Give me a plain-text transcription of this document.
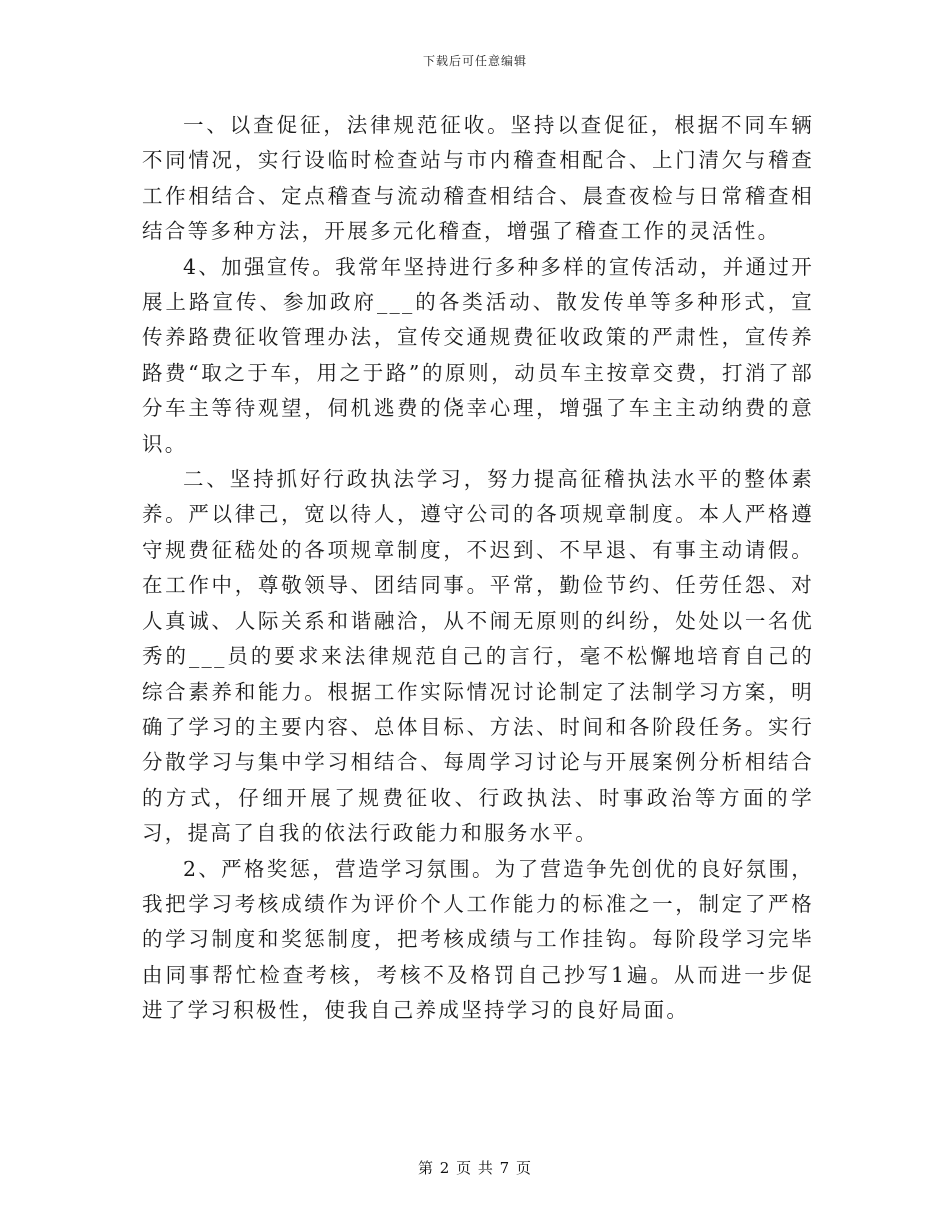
下载后可任意编辑

一、以查促征，法律规范征收。坚持以查促征，根据不同车辆不同情况，实行设临时检查站与市内稽查相配合、上门清欠与稽查工作相结合、定点稽查与流动稽查相结合、晨查夜检与日常稽查相结合等多种方法，开展多元化稽查，增强了稽查工作的灵活性。

4、加强宣传。我常年坚持进行多种多样的宣传活动，并通过开展上路宣传、参加政府___的各类活动、散发传单等多种形式，宣传养路费征收管理办法，宣传交通规费征收政策的严肃性，宣传养路费“取之于车，用之于路”的原则，动员车主按章交费，打消了部分车主等待观望，伺机逃费的侥幸心理，增强了车主主动纳费的意识。

二、坚持抓好行政执法学习，努力提高征稽执法水平的整体素养。严以律己，宽以待人，遵守公司的各项规章制度。本人严格遵守规费征嵇处的各项规章制度，不迟到、不早退、有事主动请假。在工作中，尊敬领导、团结同事。平常，勤俭节约、任劳任怨、对人真诚、人际关系和谐融洽，从不闹无原则的纠纷，处处以一名优秀的___员的要求来法律规范自己的言行，毫不松懈地培育自己的综合素养和能力。根据工作实际情况讨论制定了法制学习方案，明确了学习的主要内容、总体目标、方法、时间和各阶段任务。实行分散学习与集中学习相结合、每周学习讨论与开展案例分析相结合的方式，仔细开展了规费征收、行政执法、时事政治等方面的学习，提高了自我的依法行政能力和服务水平。

2、严格奖惩，营造学习氛围。为了营造争先创优的良好氛围，我把学习考核成绩作为评价个人工作能力的标准之一，制定了严格的学习制度和奖惩制度，把考核成绩与工作挂钩。每阶段学习完毕由同事帮忙检查考核，考核不及格罚自己抄写1遍。从而进一步促进了学习积极性，使我自己养成坚持学习的良好局面。

第 2 页 共 7 页
